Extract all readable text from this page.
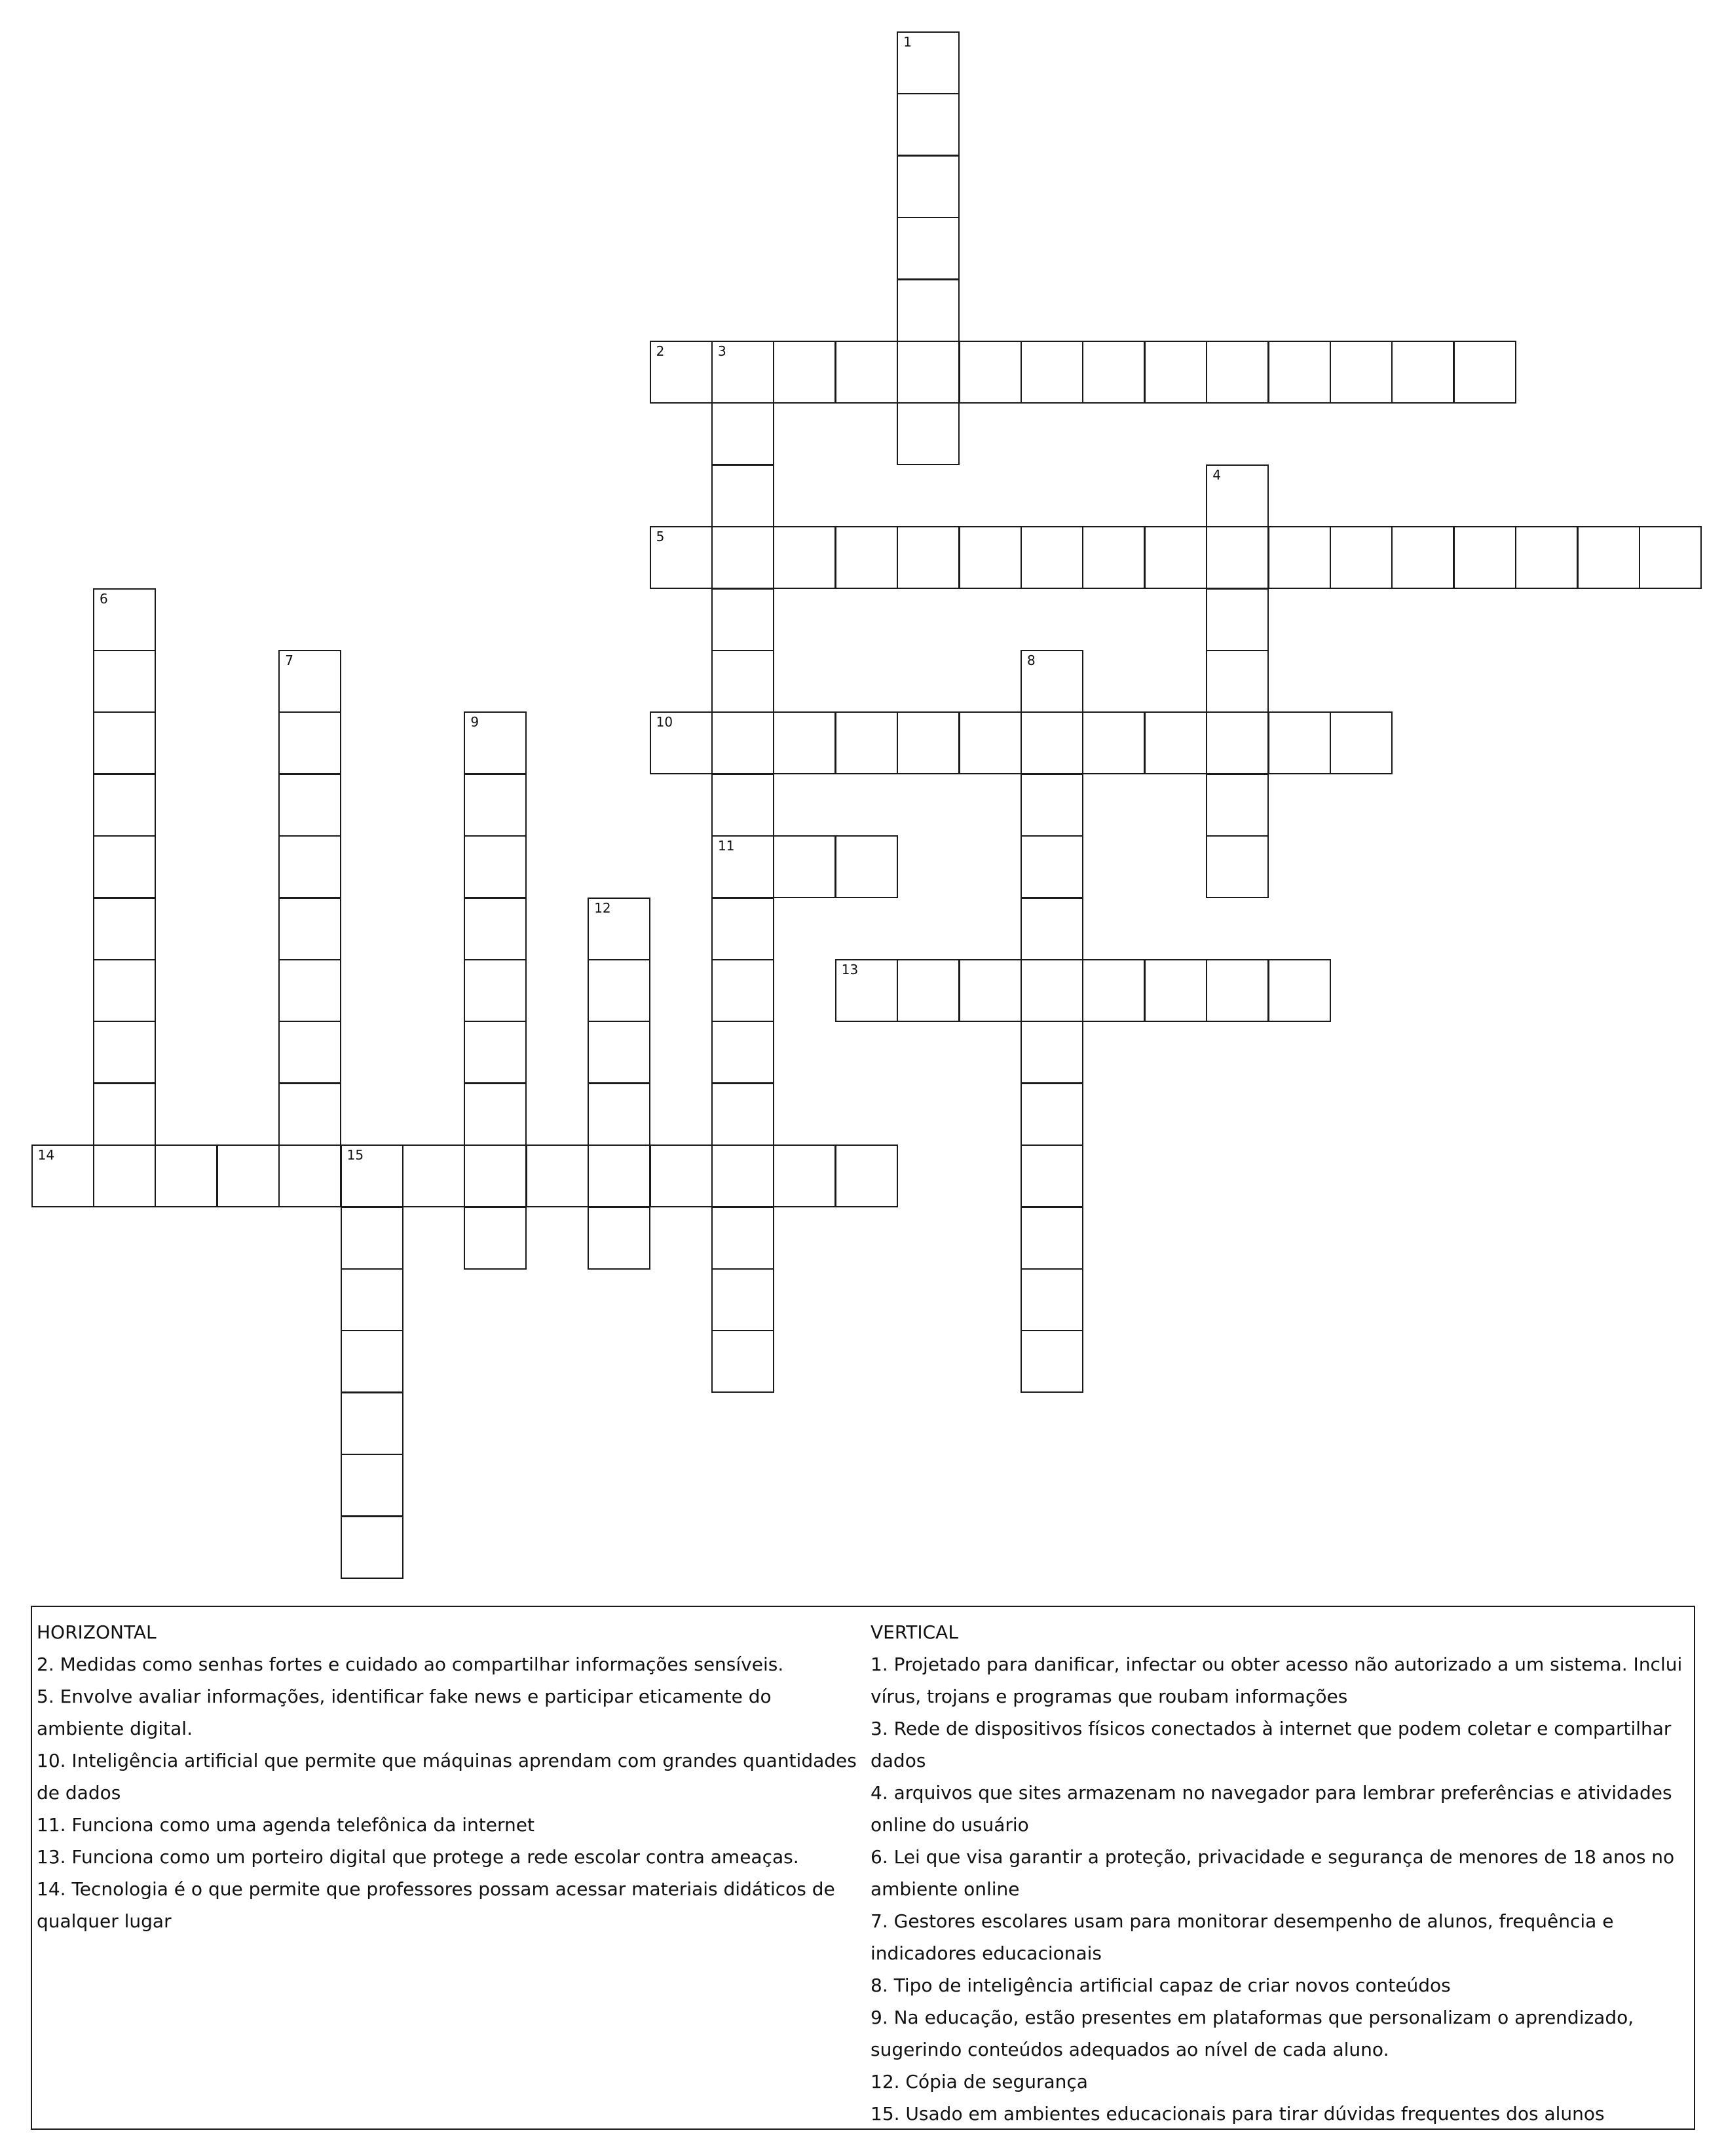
1
2	3
11
4
5
6
7	8
9	10
12
13
14	15
HORIZONTAL
2. Medidas como senhas fortes e cuidado ao compartilhar informações sensíveis.
5. Envolve avaliar informações, identificar fake news e participar eticamente do ambiente digital.
10. Inteligência artificial que permite que máquinas aprendam com grandes quantidades de dados
11. Funciona como uma agenda telefônica da internet
13. Funciona como um porteiro digital que protege a rede escolar contra ameaças.
14. Tecnologia é o que permite que professores possam acessar materiais didáticos de qualquer lugar
VERTICAL
1. Projetado para danificar, infectar ou obter acesso não autorizado a um sistema. Inclui vírus, trojans e programas que roubam informações
3. Rede de dispositivos físicos conectados à internet que podem coletar e compartilhar dados
4. arquivos que sites armazenam no navegador para lembrar preferências e atividades online do usuário
6. Lei que visa garantir a proteção, privacidade e segurança de menores de 18 anos no ambiente online
7. Gestores escolares usam para monitorar desempenho de alunos, frequência e indicadores educacionais
8. Tipo de inteligência artificial capaz de criar novos conteúdos
9. Na educação, estão presentes em plataformas que personalizam o aprendizado, sugerindo conteúdos adequados ao nível de cada aluno.
12. Cópia de segurança
15. Usado em ambientes educacionais para tirar dúvidas frequentes dos alunos
